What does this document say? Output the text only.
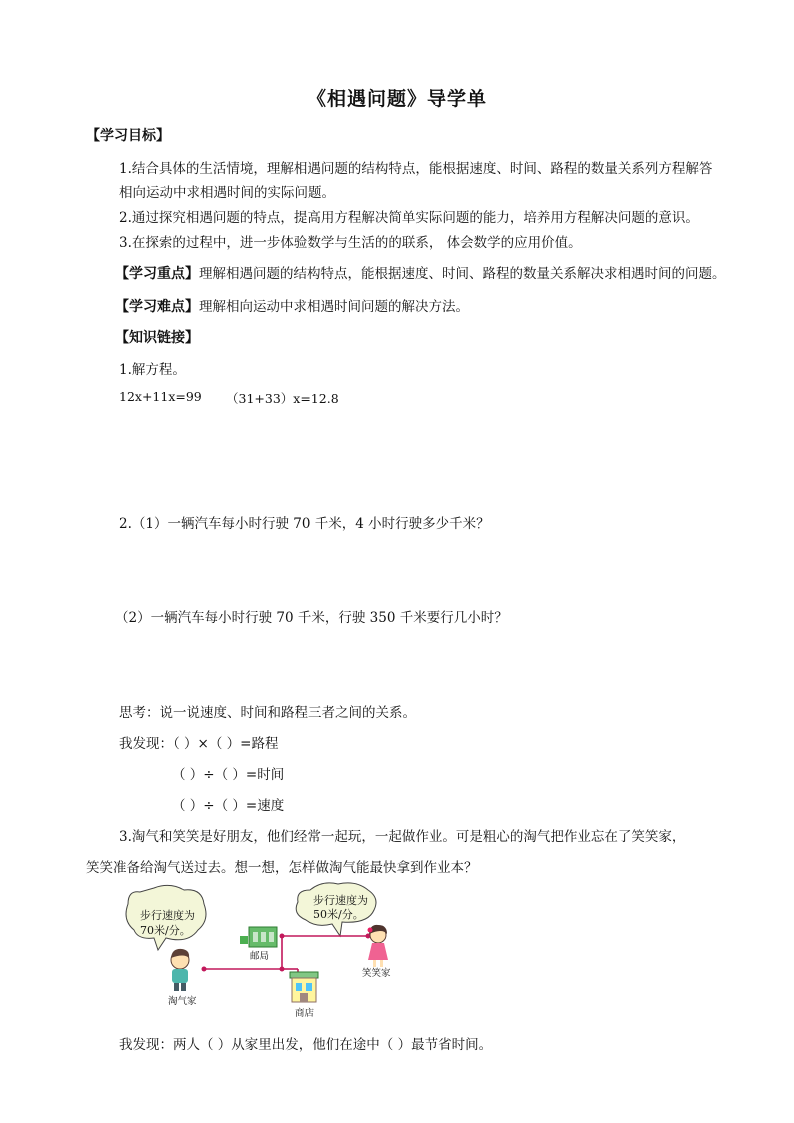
《相遇问题》导学单
【学习目标】
1.结合具体的生活情境，理解相遇问题的结构特点，能根据速度、时间、路程的数量关系列方程解答
相向运动中求相遇时间的实际问题。
2.通过探究相遇问题的特点，提高用方程解决简单实际问题的能力，培养用方程解决问题的意识。
3.在探索的过程中，进一步体验数学与生活的的联系， 体会数学的应用价值。
【学习重点】理解相遇问题的结构特点，能根据速度、时间、路程的数量关系解决求相遇时间的问题。
【学习难点】理解相向运动中求相遇时间问题的解决方法。
【知识链接】
1.解方程。
12x+11x=99 （31+33）x=12.8
2.（1）一辆汽车每小时行驶 70 千米，4 小时行驶多少千米？
（2）一辆汽车每小时行驶 70 千米，行驶 350 千米要行几小时？
思考：说一说速度、时间和路程三者之间的关系。
我发现：（ ）×（ ）=路程
（ ）÷（ ）=时间
（ ）÷（ ）=速度
3.淘气和笑笑是好朋友，他们经常一起玩，一起做作业。可是粗心的淘气把作业忘在了笑笑家，
笑笑准备给淘气送过去。想一想，怎样做淘气能最快拿到作业本？
步行速度为
70米/分。
步行速度为
50米/分。
邮局
淘气家
商店
笑笑家
我发现：两人（ ）从家里出发，他们在途中（ ）最节省时间。
